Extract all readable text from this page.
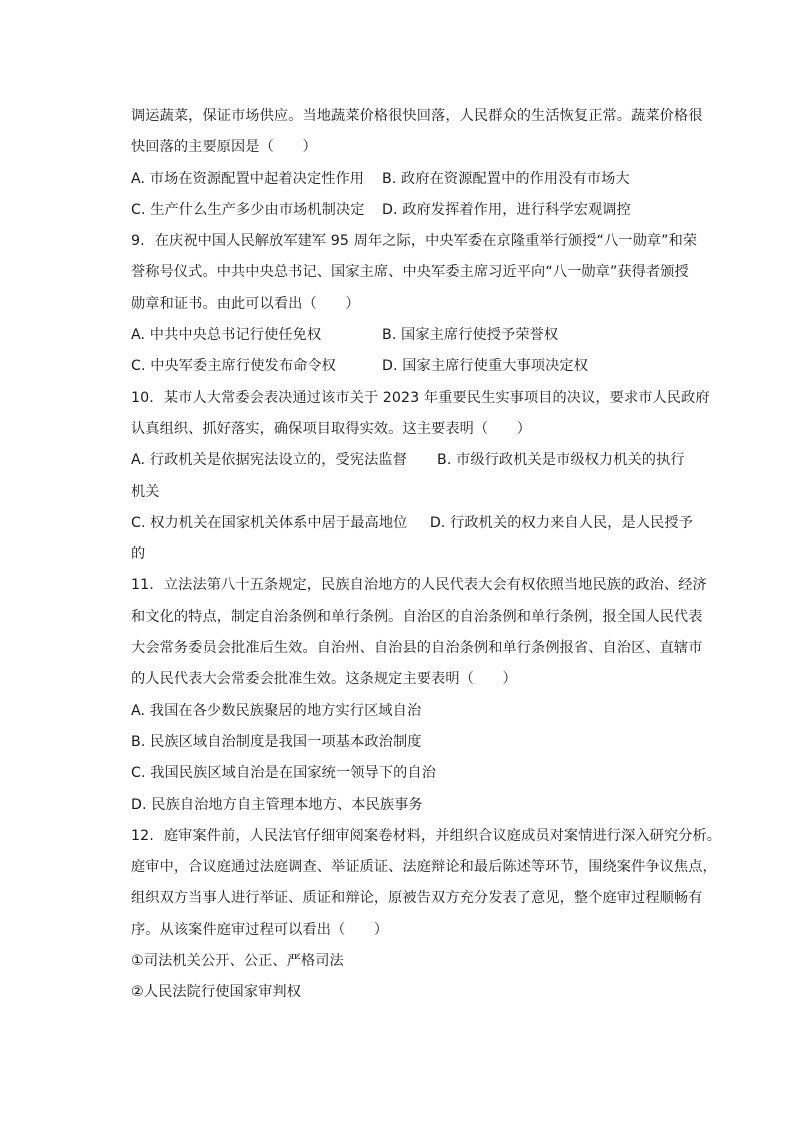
调运蔬菜，保证市场供应。当地蔬菜价格很快回落，人民群众的生活恢复正常。蔬菜价格很
快回落的主要原因是（　　）
A. 市场在资源配置中起着决定性作用	B. 政府在资源配置中的作用没有市场大
C. 生产什么生产多少由市场机制决定	D. 政府发挥着作用，进行科学宏观调控
9. 在庆祝中国人民解放军建军 95 周年之际，中央军委在京隆重举行颁授“八一勋章”和荣
誉称号仪式。中共中央总书记、国家主席、中央军委主席习近平向“八一勋章”获得者颁授
勋章和证书。由此可以看出（　　）
A. 中共中央总书记行使任免权	B. 国家主席行使授予荣誉权
C. 中央军委主席行使发布命令权	D. 国家主席行使重大事项决定权
10. 某市人大常委会表决通过该市关于 2023 年重要民生实事项目的决议，要求市人民政府
认真组织、抓好落实，确保项目取得实效。这主要表明（　　）
A. 行政机关是依据宪法设立的，受宪法监督	B. 市级行政机关是市级权力机关的执行
机关
C. 权力机关在国家机关体系中居于最高地位	D. 行政机关的权力来自人民，是人民授予
的
11. 立法法第八十五条规定，民族自治地方的人民代表大会有权依照当地民族的政治、经济
和文化的特点，制定自治条例和单行条例。自治区的自治条例和单行条例，报全国人民代表
大会常务委员会批准后生效。自治州、自治县的自治条例和单行条例报省、自治区、直辖市
的人民代表大会常委会批准生效。这条规定主要表明（　　）
A. 我国在各少数民族聚居的地方实行区域自治
B. 民族区域自治制度是我国一项基本政治制度
C. 我国民族区域自治是在国家统一领导下的自治
D. 民族自治地方自主管理本地方、本民族事务
12. 庭审案件前，人民法官仔细审阅案卷材料，并组织合议庭成员对案情进行深入研究分析。
庭审中，合议庭通过法庭调查、举证质证、法庭辩论和最后陈述等环节，围绕案件争议焦点，
组织双方当事人进行举证、质证和辩论，原被告双方充分发表了意见，整个庭审过程顺畅有
序。从该案件庭审过程可以看出（　　）
①司法机关公开、公正、严格司法
②人民法院行使国家审判权
